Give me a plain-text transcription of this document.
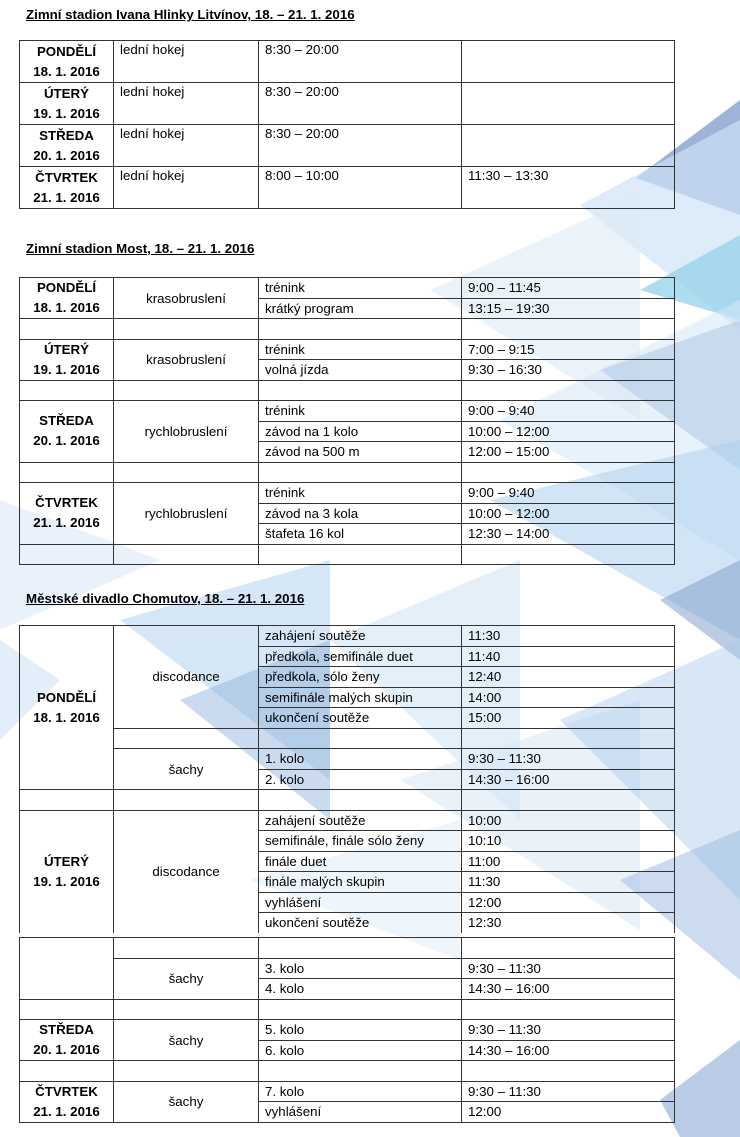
Zimní stadion Ivana Hlinky Litvínov, 18. – 21. 1. 2016
PONDĚLÍ
18. 1. 2016	lední hokej	8:30 – 20:00	

ÚTERÝ
19. 1. 2016	lední hokej	8:30 – 20:00	

STŘEDA
20. 1. 2016	lední hokej	8:30 – 20:00	

ČTVRTEK
21. 1. 2016	lední hokej	8:00 – 10:00	11:30 – 13:30
Zimní stadion Most, 18. – 21. 1. 2016
PONDĚLÍ
18. 1. 2016	krasobruslení	trénink	9:00 – 11:45
		krátký program	13:15 – 19:30

ÚTERÝ
19. 1. 2016	krasobruslení	trénink	7:00 – 9:15
		volná jízda	9:30 – 16:30

STŘEDA
20. 1. 2016	rychlobruslení	trénink	9:00 – 9:40
		závod na 1 kolo	10:00 – 12:00
		závod na 500 m	12:00 – 15:00

ČTVRTEK
21. 1. 2016	rychlobruslení	trénink	9:00 – 9:40
		závod na 3 kola	10:00 – 12:00
		štafeta 16 kol	12:30 – 14:00

Městské divadlo Chomutov, 18. – 21. 1. 2016
PONDĚLÍ
18. 1. 2016	discodance	zahájení soutěže	11:30
		předkola, semifinále duet	11:40
		předkola, sólo ženy	12:40
		semifinále malých skupin	14:00
		ukončení soutěže	15:00

	šachy	1. kolo	9:30 – 11:30
		2. kolo	14:30 – 16:00

ÚTERÝ
19. 1. 2016	discodance	zahájení soutěže	10:00
		semifinále, finále sólo ženy	10:10
		finále duet	11:00
		finále malých skupin	11:30
		vyhlášení	12:00
		ukončení soutěže	12:30

	šachy	3. kolo	9:30 – 11:30
		4. kolo	14:30 – 16:00

STŘEDA
20. 1. 2016	šachy	5. kolo	9:30 – 11:30
		6. kolo	14:30 – 16:00

ČTVRTEK
21. 1. 2016	šachy	7. kolo	9:30 – 11:30
		vyhlášení	12:00
